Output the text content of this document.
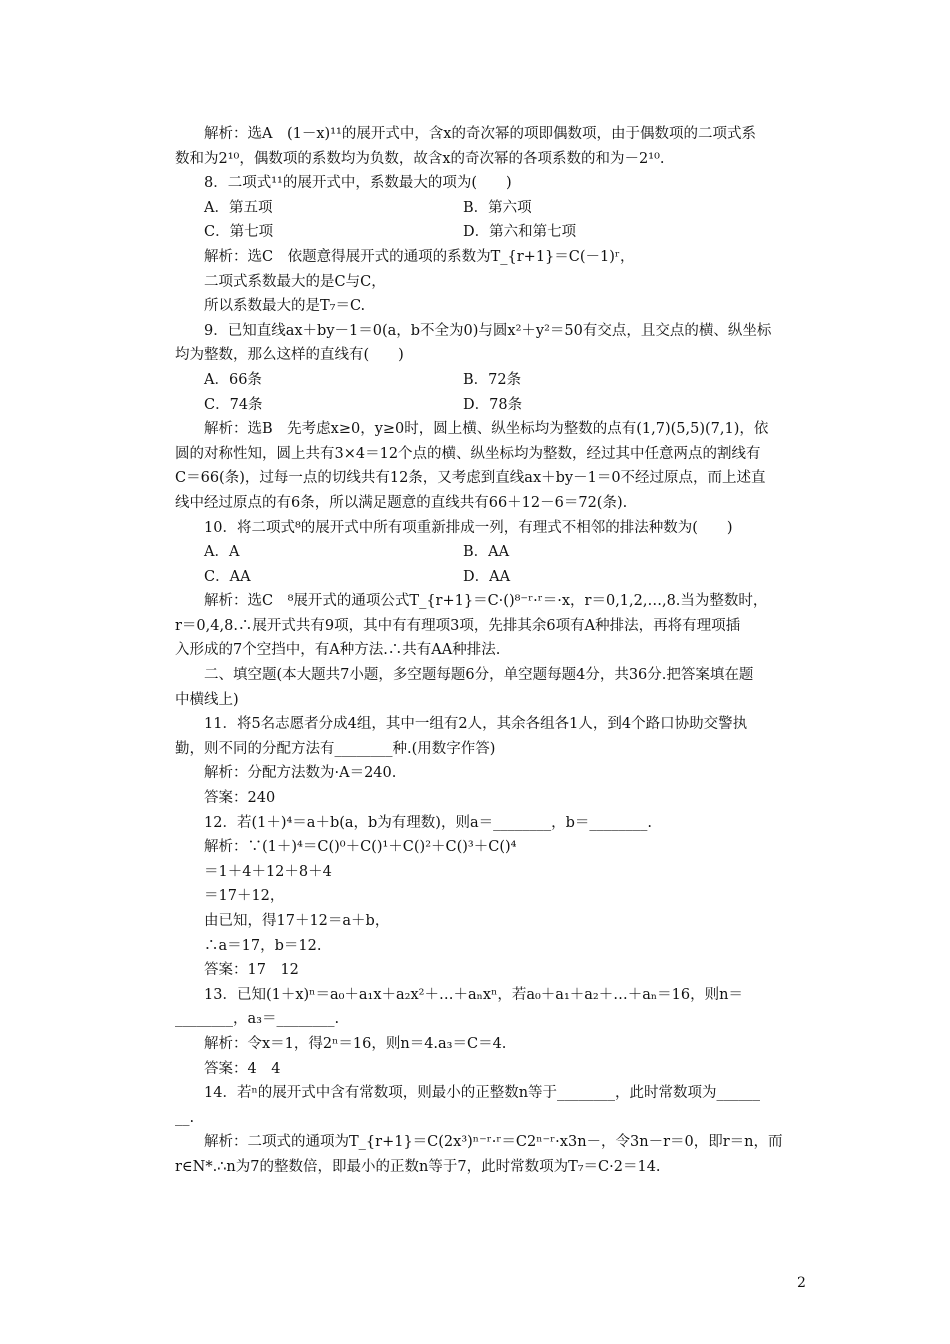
　　解析：选A　(1－x)¹¹的展开式中，含x的奇次幂的项即偶数项，由于偶数项的二项式系
数和为2¹⁰，偶数项的系数均为负数，故含x的奇次幂的各项系数的和为－2¹⁰.
　　8．二项式¹¹的展开式中，系数最大的项为(　　)
　　A．第五项	B．第六项
　　C．第七项	D．第六和第七项
　　解析：选C　依题意得展开式的通项的系数为T_{r+1}＝C(－1)ʳ，
　　二项式系数最大的是C与C，
　　所以系数最大的是T₇＝C.
　　9．已知直线ax＋by－1＝0(a，b不全为0)与圆x²＋y²＝50有交点，且交点的横、纵坐标
均为整数，那么这样的直线有(　　)
　　A．66条	B．72条
　　C．74条	D．78条
　　解析：选B　先考虑x≥0，y≥0时，圆上横、纵坐标均为整数的点有(1,7)(5,5)(7,1)，依
圆的对称性知，圆上共有3×4＝12个点的横、纵坐标均为整数，经过其中任意两点的割线有
C＝66(条)，过每一点的切线共有12条，又考虑到直线ax＋by－1＝0不经过原点，而上述直
线中经过原点的有6条，所以满足题意的直线共有66＋12－6＝72(条).
　　10．将二项式⁸的展开式中所有项重新排成一列，有理式不相邻的排法种数为(　　)
　　A．A	B．AA
　　C．AA	D．AA
　　解析：选C　⁸展开式的通项公式T_{r+1}＝C·()⁸⁻ʳ·ʳ＝·x，r＝0,1,2,…,8.当为整数时，
r＝0,4,8.∴展开式共有9项，其中有有理项3项，先排其余6项有A种排法，再将有理项插
入形成的7个空挡中，有A种方法.∴共有AA种排法.
　　二、填空题(本大题共7小题，多空题每题6分，单空题每题4分，共36分.把答案填在题
中横线上)
　　11．将5名志愿者分成4组，其中一组有2人，其余各组各1人，到4个路口协助交警执
勤，则不同的分配方法有________种.(用数字作答)
　　解析：分配方法数为·A＝240.
　　答案：240
　　12．若(1＋)⁴＝a＋b(a，b为有理数)，则a＝________，b＝________.
　　解析：∵(1＋)⁴＝C()⁰＋C()¹＋C()²＋C()³＋C()⁴
　　＝1＋4＋12＋8＋4
　　＝17＋12，
　　由已知，得17＋12＝a＋b，
　　∴a＝17，b＝12.
　　答案：17　12
　　13．已知(1＋x)ⁿ＝a₀＋a₁x＋a₂x²＋…＋aₙxⁿ，若a₀＋a₁＋a₂＋…＋aₙ＝16，则n＝
________，a₃＝________.
　　解析：令x＝1，得2ⁿ＝16，则n＝4.a₃＝C＝4.
　　答案：4　4
　　14．若ⁿ的展开式中含有常数项，则最小的正整数n等于________，此时常数项为______
__.
　　解析：二项式的通项为T_{r+1}＝C(2x³)ⁿ⁻ʳ·ʳ＝C2ⁿ⁻ʳ·x3n－，令3n－r＝0，即r＝n，而
r∈N*.∴n为7的整数倍，即最小的正数n等于7，此时常数项为T₇＝C·2＝14.
2
